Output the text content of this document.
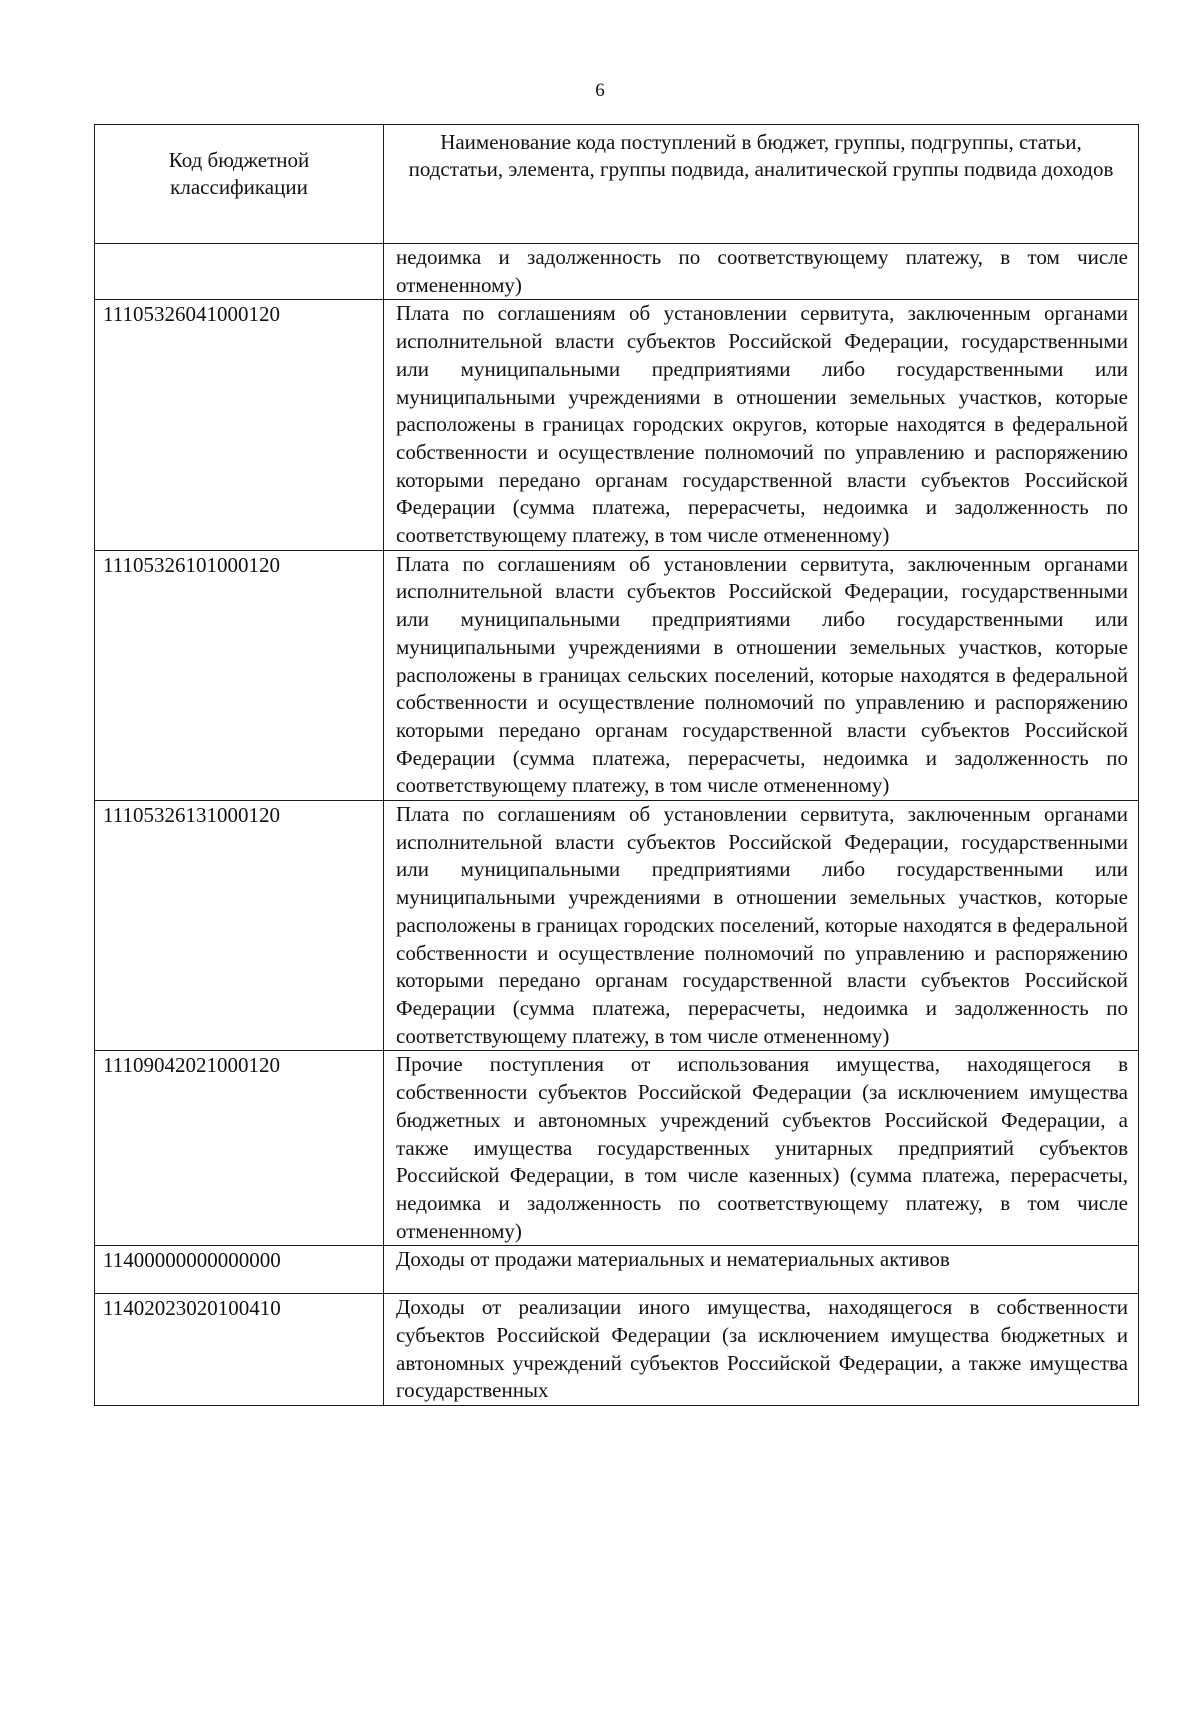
6
Код бюджетной классификации	Наименование кода поступлений в бюджет, группы, подгруппы, статьи, подстатьи, элемента, группы подвида, аналитической группы подвида доходов
	недоимка и задолженность по соответствующему платежу, в том числе отмененному)
11105326041000120	Плата по соглашениям об установлении сервитута, заключенным органами исполнительной власти субъектов Российской Федерации, государственными или муниципальными предприятиями либо государственными или муниципальными учреждениями в отношении земельных участков, которые расположены в границах городских округов, которые находятся в федеральной собственности и осуществление полномочий по управлению и распоряжению которыми передано органам государственной власти субъектов Российской Федерации (сумма платежа, перерасчеты, недоимка и задолженность по соответствующему платежу, в том числе отмененному)
11105326101000120	Плата по соглашениям об установлении сервитута, заключенным органами исполнительной власти субъектов Российской Федерации, государственными или муниципальными предприятиями либо государственными или муниципальными учреждениями в отношении земельных участков, которые расположены в границах сельских поселений, которые находятся в федеральной собственности и осуществление полномочий по управлению и распоряжению которыми передано органам государственной власти субъектов Российской Федерации (сумма платежа, перерасчеты, недоимка и задолженность по соответствующему платежу, в том числе отмененному)
11105326131000120	Плата по соглашениям об установлении сервитута, заключенным органами исполнительной власти субъектов Российской Федерации, государственными или муниципальными предприятиями либо государственными или муниципальными учреждениями в отношении земельных участков, которые расположены в границах городских поселений, которые находятся в федеральной собственности и осуществление полномочий по управлению и распоряжению которыми передано органам государственной власти субъектов Российской Федерации (сумма платежа, перерасчеты, недоимка и задолженность по соответствующему платежу, в том числе отмененному)
11109042021000120	Прочие поступления от использования имущества, находящегося в собственности субъектов Российской Федерации (за исключением имущества бюджетных и автономных учреждений субъектов Российской Федерации, а также имущества государственных унитарных предприятий субъектов Российской Федерации, в том числе казенных) (сумма платежа, перерасчеты, недоимка и задолженность по соответствующему платежу, в том числе отмененному)
11400000000000000	Доходы от продажи материальных и нематериальных активов
11402023020100410	Доходы от реализации иного имущества, находящегося в собственности субъектов Российской Федерации (за исключением имущества бюджетных и автономных учреждений субъектов Российской Федерации, а также имущества государственных
